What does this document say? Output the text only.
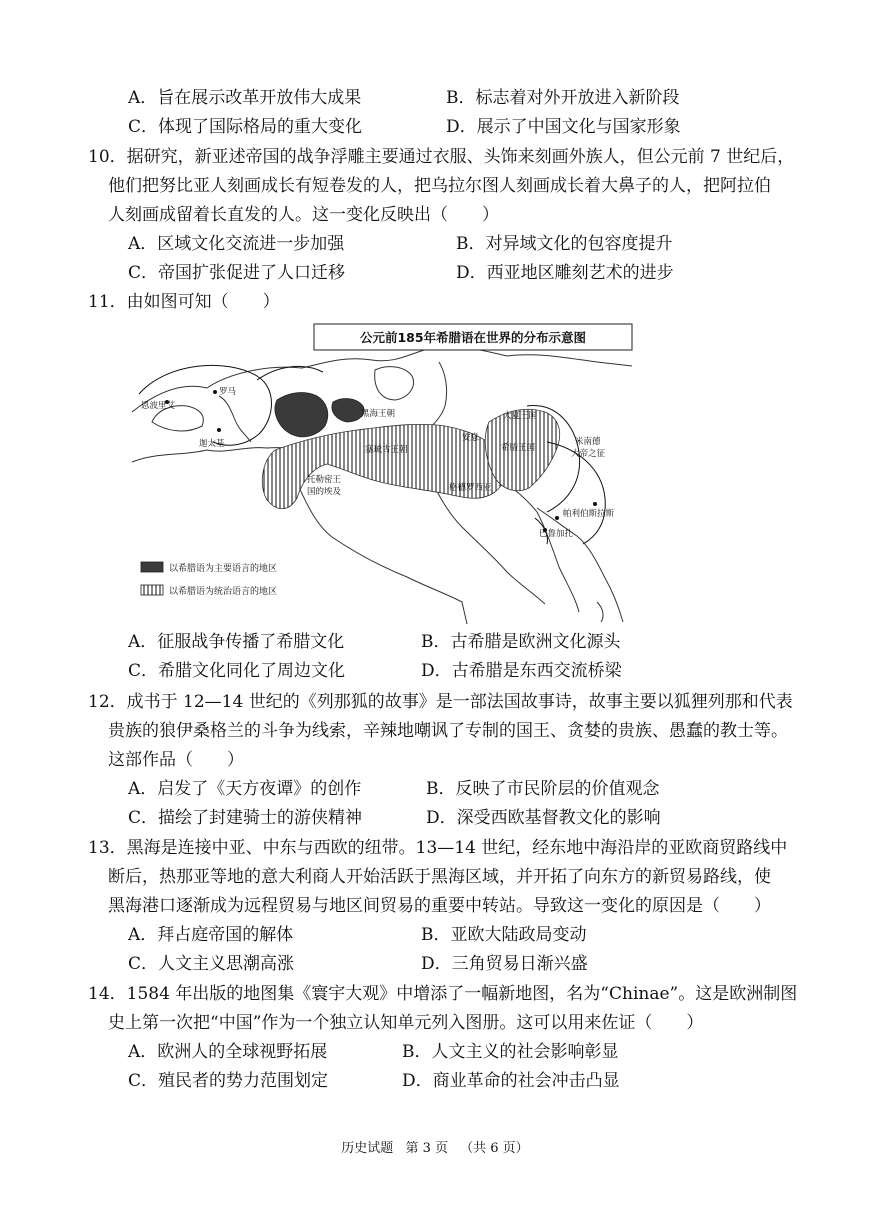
A．旨在展示改革开放伟大成果	B．标志着对外开放进入新阶段
C．体现了国际格局的重大变化	D．展示了中国文化与国家形象
10．据研究，新亚述帝国的战争浮雕主要通过衣服、头饰来刻画外族人，但公元前 7 世纪后，
他们把努比亚人刻画成长有短卷发的人，把乌拉尔图人刻画成长着大鼻子的人，把阿拉伯
人刻画成留着长直发的人。这一变化反映出（　　）
A．区域文化交流进一步加强	B．对异域文化的包容度提升
C．帝国扩张促进了人口迁移	D．西亚地区雕刻艺术的进步
11．由如图可知（　　）
公元前185年希腊语在世界的分布示意图
恩波里艾
罗马
迦太基
黑海王朝
塞琉古王朝
安息
大夏王国
希腊王国
托勒密王
国的埃及	格德罗西亚
米南德
大帝之征
帕利伯斯拉斯
巴鲁加扎
以希腊语为主要语言的地区
以希腊语为统治语言的地区
A．征服战争传播了希腊文化	B．古希腊是欧洲文化源头
C．希腊文化同化了周边文化	D．古希腊是东西交流桥梁
12．成书于 12—14 世纪的《列那狐的故事》是一部法国故事诗，故事主要以狐狸列那和代表
贵族的狼伊桑格兰的斗争为线索，辛辣地嘲讽了专制的国王、贪婪的贵族、愚蠢的教士等。
这部作品（　　）
A．启发了《天方夜谭》的创作	B．反映了市民阶层的价值观念
C．描绘了封建骑士的游侠精神	D．深受西欧基督教文化的影响
13．黑海是连接中亚、中东与西欧的纽带。13—14 世纪，经东地中海沿岸的亚欧商贸路线中
断后，热那亚等地的意大利商人开始活跃于黑海区域，并开拓了向东方的新贸易路线，使
黑海港口逐渐成为远程贸易与地区间贸易的重要中转站。导致这一变化的原因是（　　）
A．拜占庭帝国的解体	B．亚欧大陆政局变动
C．人文主义思潮高涨	D．三角贸易日渐兴盛
14．1584 年出版的地图集《寰宇大观》中增添了一幅新地图，名为“Chinae”。这是欧洲制图
史上第一次把“中国”作为一个独立认知单元列入图册。这可以用来佐证（　　）
A．欧洲人的全球视野拓展	B．人文主义的社会影响彰显
C．殖民者的势力范围划定	D．商业革命的社会冲击凸显
历史试题 第 3 页 （共 6 页）
